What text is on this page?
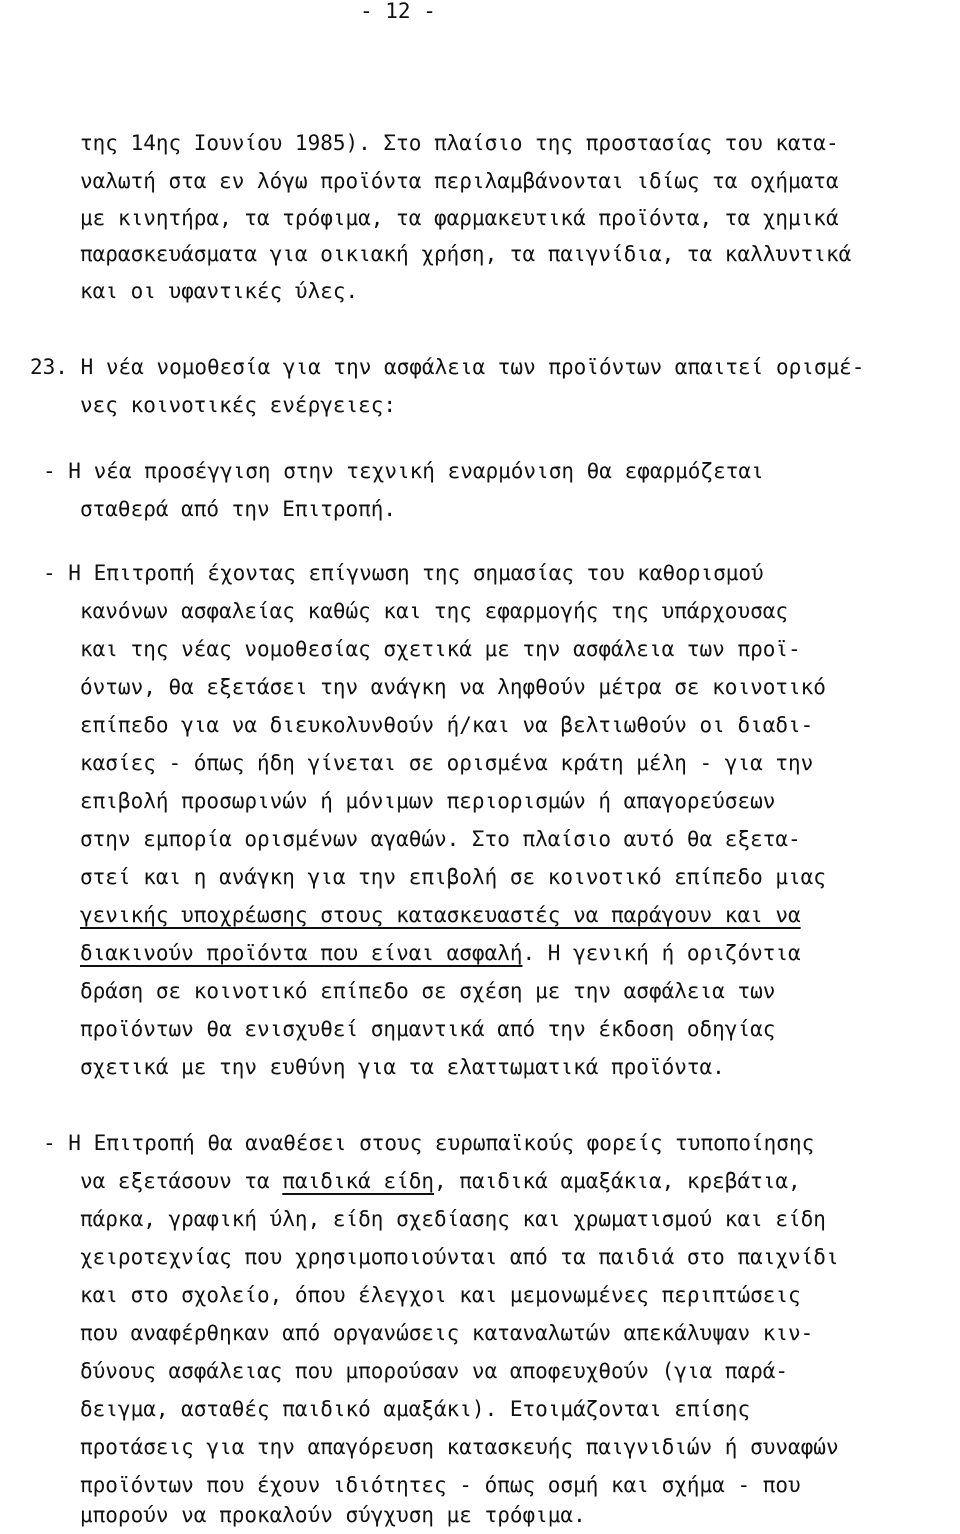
- 12 -
της 14ης Ιουνίου 1985). Στο πλαίσιο της προστασίας του κατα-
ναλωτή στα εν λόγω προϊόντα περιλαμβάνονται ιδίως τα οχήματα
με κινητήρα, τα τρόφιμα, τα φαρμακευτικά προϊόντα, τα χημικά
παρασκευάσματα για οικιακή χρήση, τα παιγνίδια, τα καλλυντικά
και οι υφαντικές ύλες.
23. Η νέα νομοθεσία για την ασφάλεια των προϊόντων απαιτεί ορισμέ-
νες κοινοτικές ενέργειες:
- Η νέα προσέγγιση στην τεχνική εναρμόνιση θα εφαρμόζεται
σταθερά από την Επιτροπή.
- Η Επιτροπή έχοντας επίγνωση της σημασίας του καθορισμού
κανόνων ασφαλείας καθώς και της εφαρμογής της υπάρχουσας
και της νέας νομοθεσίας σχετικά με την ασφάλεια των προϊ-
όντων, θα εξετάσει την ανάγκη να ληφθούν μέτρα σε κοινοτικό
επίπεδο για να διευκολυνθούν ή/και να βελτιωθούν οι διαδι-
κασίες - όπως ήδη γίνεται σε ορισμένα κράτη μέλη - για την
επιβολή προσωρινών ή μόνιμων περιορισμών ή απαγορεύσεων
στην εμπορία ορισμένων αγαθών. Στο πλαίσιο αυτό θα εξετα-
στεί και η ανάγκη για την επιβολή σε κοινοτικό επίπεδο μιας
γενικής υποχρέωσης στους κατασκευαστές να παράγουν και να
διακινούν προϊόντα που είναι ασφαλή. Η γενική ή οριζόντια
δράση σε κοινοτικό επίπεδο σε σχέση με την ασφάλεια των
προϊόντων θα ενισχυθεί σημαντικά από την έκδοση οδηγίας
σχετικά με την ευθύνη για τα ελαττωματικά προϊόντα.
- Η Επιτροπή θα αναθέσει στους ευρωπαϊκούς φορείς τυποποίησης
να εξετάσουν τα παιδικά είδη, παιδικά αμαξάκια, κρεβάτια,
πάρκα, γραφική ύλη, είδη σχεδίασης και χρωματισμού και είδη
χειροτεχνίας που χρησιμοποιούνται από τα παιδιά στο παιχνίδι
και στο σχολείο, όπου έλεγχοι και μεμονωμένες περιπτώσεις
που αναφέρθηκαν από οργανώσεις καταναλωτών απεκάλυψαν κιν-
δύνους ασφάλειας που μπορούσαν να αποφευχθούν (για παρά-
δειγμα, ασταθές παιδικό αμαξάκι). Ετοιμάζονται επίσης
προτάσεις για την απαγόρευση κατασκευής παιγνιδιών ή συναφών
προϊόντων που έχουν ιδιότητες - όπως οσμή και σχήμα - που
μπορούν να προκαλούν σύγχυση με τρόφιμα.
